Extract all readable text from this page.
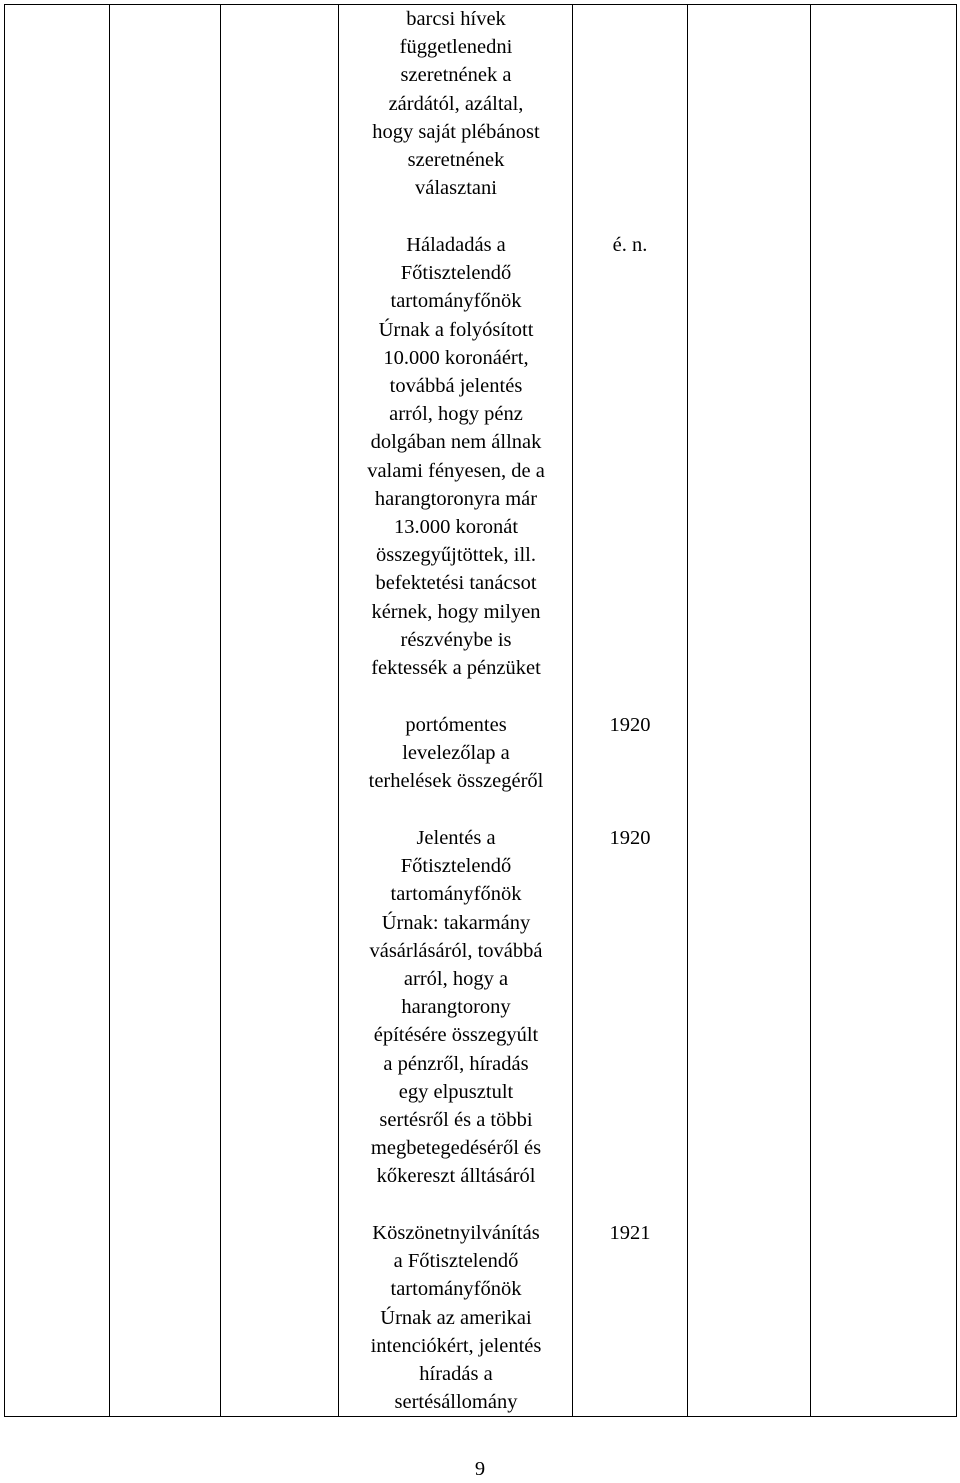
barcsi hívek
függetlenedni
szeretnének a
zárdától, azáltal,
hogy saját plébánost
szeretnének
választani
Háladadás a
Főtisztelendő
tartományfőnök
Úrnak a folyósított
10.000 koronáért,
továbbá jelentés
arról, hogy pénz
dolgában nem állnak
valami fényesen, de a
harangtoronyra már
13.000 koronát
összegyűjtöttek, ill.
befektetési tanácsot
kérnek, hogy milyen
részvénybe is
fektessék a pénzüket
é. n.
portómentes
levelezőlap a
terhelések összegéről
1920
Jelentés a
Főtisztelendő
tartományfőnök
Úrnak: takarmány
vásárlásáról, továbbá
arról, hogy a
harangtorony
építésére összegyúlt
a pénzről, híradás
egy elpusztult
sertésről és a többi
megbetegedéséről és
kőkereszt álltásáról
1920
Köszönetnyilvánítás
a Főtisztelendő
tartományfőnök
Úrnak az amerikai
intenciókért, jelentés
híradás a
sertésállomány
1921
9
